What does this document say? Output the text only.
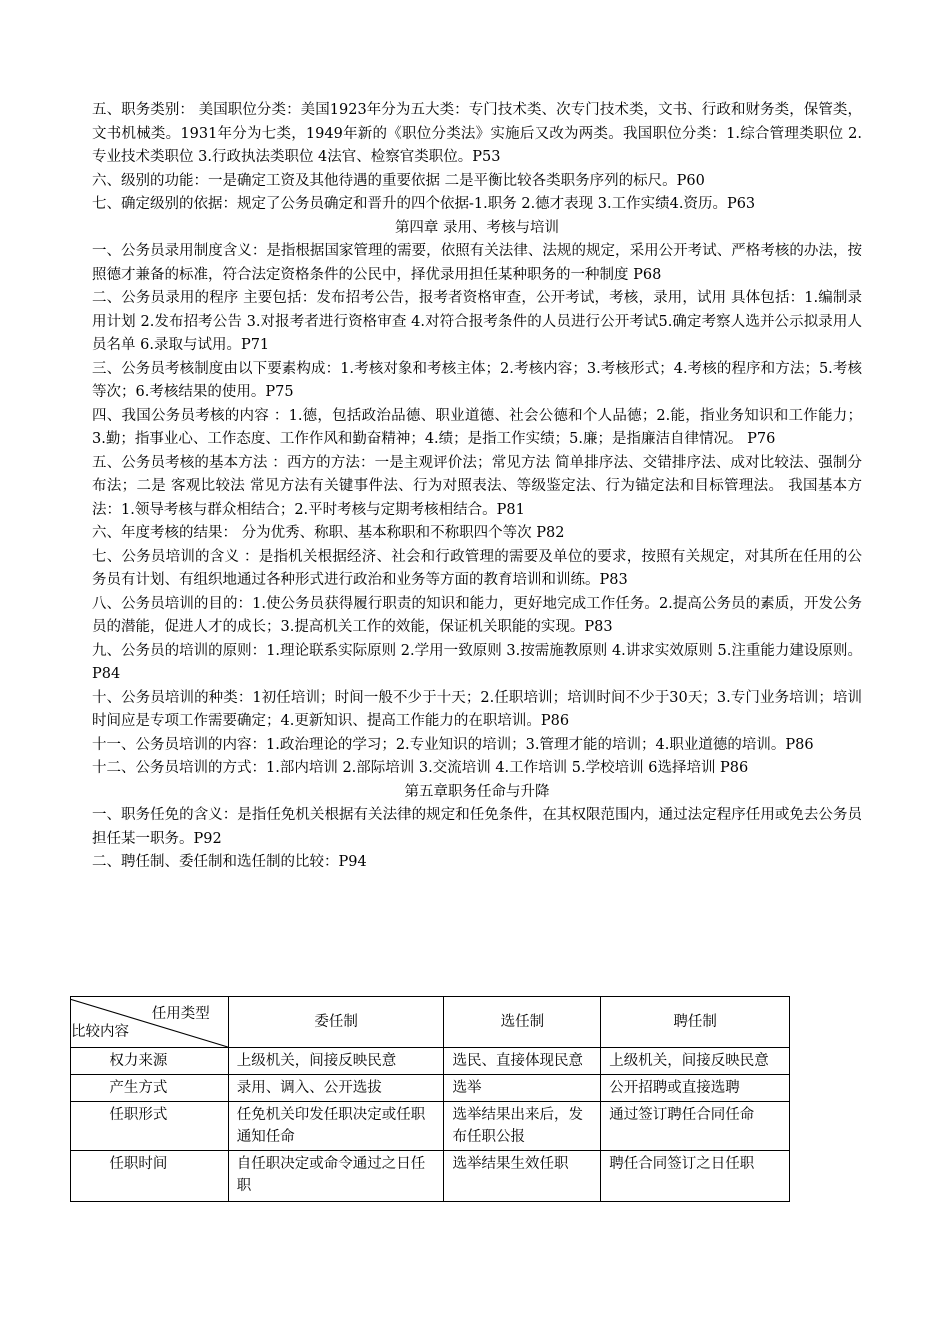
五、职务类别： 美国职位分类：美国1923年分为五大类：专门技术类、次专门技术类，文书、行政和财务类，保管类，文书机械类。1931年分为七类，1949年新的《职位分类法》实施后又改为两类。我国职位分类：1.综合管理类职位 2.专业技术类职位 3.行政执法类职位 4法官、检察官类职位。P53

六、级别的功能：一是确定工资及其他待遇的重要依据 二是平衡比较各类职务序列的标尺。P60

七、确定级别的依据：规定了公务员确定和晋升的四个依据-1.职务 2.德才表现 3.工作实绩4.资历。P63

第四章 录用、考核与培训

一、公务员录用制度含义：是指根据国家管理的需要，依照有关法律、法规的规定，采用公开考试、严格考核的办法，按照德才兼备的标准，符合法定资格条件的公民中，择优录用担任某种职务的一种制度 P68

二、公务员录用的程序 主要包括：发布招考公告，报考者资格审查，公开考试，考核，录用，试用 具体包括：1.编制录用计划 2.发布招考公告 3.对报考者进行资格审查 4.对符合报考条件的人员进行公开考试5.确定考察人选并公示拟录用人员名单 6.录取与试用。P71

三、公务员考核制度由以下要素构成：1.考核对象和考核主体；2.考核内容；3.考核形式；4.考核的程序和方法；5.考核等次；6.考核结果的使用。P75

四、我国公务员考核的内容 ：1.德，包括政治品德、职业道德、社会公德和个人品德；2.能，指业务知识和工作能力；3.勤；指事业心、工作态度、工作作风和勤奋精神；4.绩；是指工作实绩；5.廉；是指廉洁自律情况。 P76

五、公务员考核的基本方法 ：西方的方法：一是主观评价法；常见方法 简单排序法、交错排序法、成对比较法、强制分布法；二是 客观比较法 常见方法有关键事件法、行为对照表法、等级鉴定法、行为锚定法和目标管理法。 我国基本方法：1.领导考核与群众相结合；2.平时考核与定期考核相结合。P81

六、年度考核的结果： 分为优秀、称职、基本称职和不称职四个等次 P82

七、公务员培训的含义 ：是指机关根据经济、社会和行政管理的需要及单位的要求，按照有关规定，对其所在任用的公务员有计划、有组织地通过各种形式进行政治和业务等方面的教育培训和训练。P83

八、公务员培训的目的：1.使公务员获得履行职责的知识和能力，更好地完成工作任务。2.提高公务员的素质，开发公务员的潜能，促进人才的成长；3.提高机关工作的效能，保证机关职能的实现。P83

九、公务员的培训的原则：1.理论联系实际原则 2.学用一致原则 3.按需施教原则 4.讲求实效原则 5.注重能力建设原则。 P84

十、公务员培训的种类：1初任培训；时间一般不少于十天；2.任职培训；培训时间不少于30天；3.专门业务培训；培训时间应是专项工作需要确定；4.更新知识、提高工作能力的在职培训。P86

十一、公务员培训的内容：1.政治理论的学习；2.专业知识的培训；3.管理才能的培训；4.职业道德的培训。P86

十二、公务员培训的方式：1.部内培训 2.部际培训 3.交流培训 4.工作培训 5.学校培训 6选择培训 P86

第五章职务任命与升降

一、职务任免的含义：是指任免机关根据有关法律的规定和任免条件，在其权限范围内，通过法定程序任用或免去公务员担任某一职务。P92

二、聘任制、委任制和选任制的比较：P94

任用类型
比较内容	委任制	选任制	聘任制
权力来源	上级机关，间接反映民意	选民、直接体现民意	上级机关，间接反映民意
产生方式	录用、调入、公开选拔	选举	公开招聘或直接选聘
任职形式	任免机关印发任职决定或任职通知任命	选举结果出来后，发布任职公报	通过签订聘任合同任命
任职时间	自任职决定或命令通过之日任职	选举结果生效任职	聘任合同签订之日任职
